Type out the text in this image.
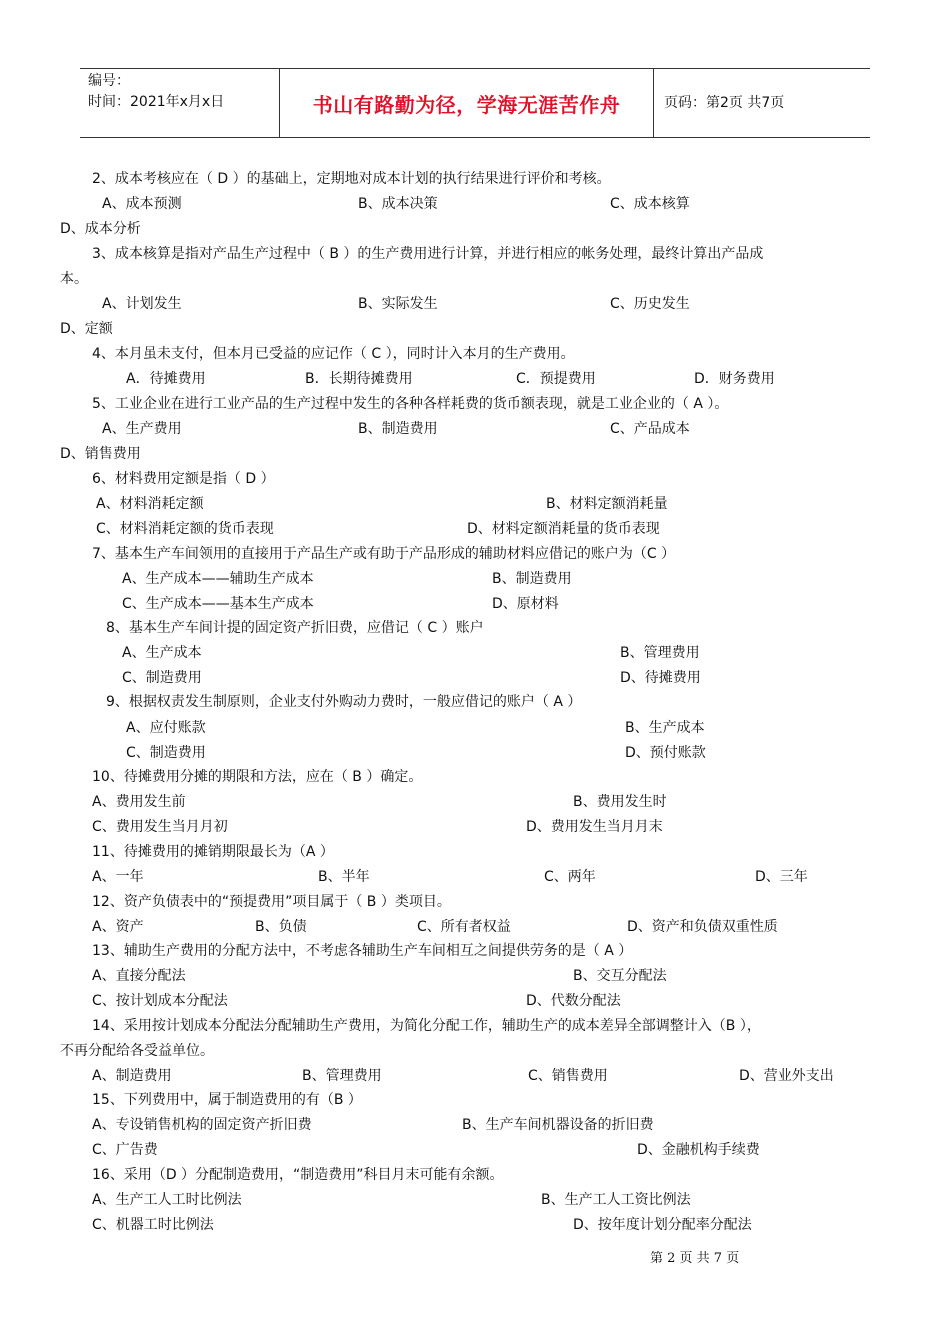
编号：
时间：2021年x月x日	书山有路勤为径，学海无涯苦作舟	页码：第2页 共7页
2、成本考核应在（ D ）的基础上，定期地对成本计划的执行结果进行评价和考核。
A、成本预测	B、成本决策	C、成本核算
D、成本分析
3、成本核算是指对产品生产过程中（ B ）的生产费用进行计算，并进行相应的帐务处理，最终计算出产品成
本。
A、计划发生	B、实际发生	C、历史发生
D、定额
4、本月虽未支付，但本月已受益的应记作（ C ），同时计入本月的生产费用。
A．待摊费用	B．长期待摊费用	C．预提费用	D．财务费用
5、工业企业在进行工业产品的生产过程中发生的各种各样耗费的货币额表现，就是工业企业的（ A ）。
A、生产费用	B、制造费用	C、产品成本
D、销售费用
6、材料费用定额是指（ D ）
A、材料消耗定额	B、材料定额消耗量
C、材料消耗定额的货币表现	D、材料定额消耗量的货币表现
7、基本生产车间领用的直接用于产品生产或有助于产品形成的辅助材料应借记的账户为（C ）
A、生产成本——辅助生产成本	B、制造费用
C、生产成本——基本生产成本	D、原材料
8、基本生产车间计提的固定资产折旧费，应借记（ C ）账户
A、生产成本	B、管理费用
C、制造费用	D、待摊费用
9、根据权责发生制原则，企业支付外购动力费时，一般应借记的账户（ A ）
A、应付账款	B、生产成本
C、制造费用	D、预付账款
10、待摊费用分摊的期限和方法，应在（ B ）确定。
A、费用发生前	B、费用发生时
C、费用发生当月月初	D、费用发生当月月末
11、待摊费用的摊销期限最长为（A ）
A、一年	B、半年	C、两年	D、三年
12、资产负债表中的“预提费用”项目属于（ B ）类项目。
A、资产	B、负债	C、所有者权益	D、资产和负债双重性质
13、辅助生产费用的分配方法中，不考虑各辅助生产车间相互之间提供劳务的是（ A ）
A、直接分配法	B、交互分配法
C、按计划成本分配法	D、代数分配法
14、采用按计划成本分配法分配辅助生产费用，为简化分配工作，辅助生产的成本差异全部调整计入（B ），
不再分配给各受益单位。
A、制造费用	B、管理费用	C、销售费用	D、营业外支出
15、下列费用中，属于制造费用的有（B ）
A、专设销售机构的固定资产折旧费	B、生产车间机器设备的折旧费
C、广告费	D、金融机构手续费
16、采用（D ）分配制造费用，“制造费用”科目月末可能有余额。
A、生产工人工时比例法	B、生产工人工资比例法
C、机器工时比例法	D、按年度计划分配率分配法
第 2 页 共 7 页
